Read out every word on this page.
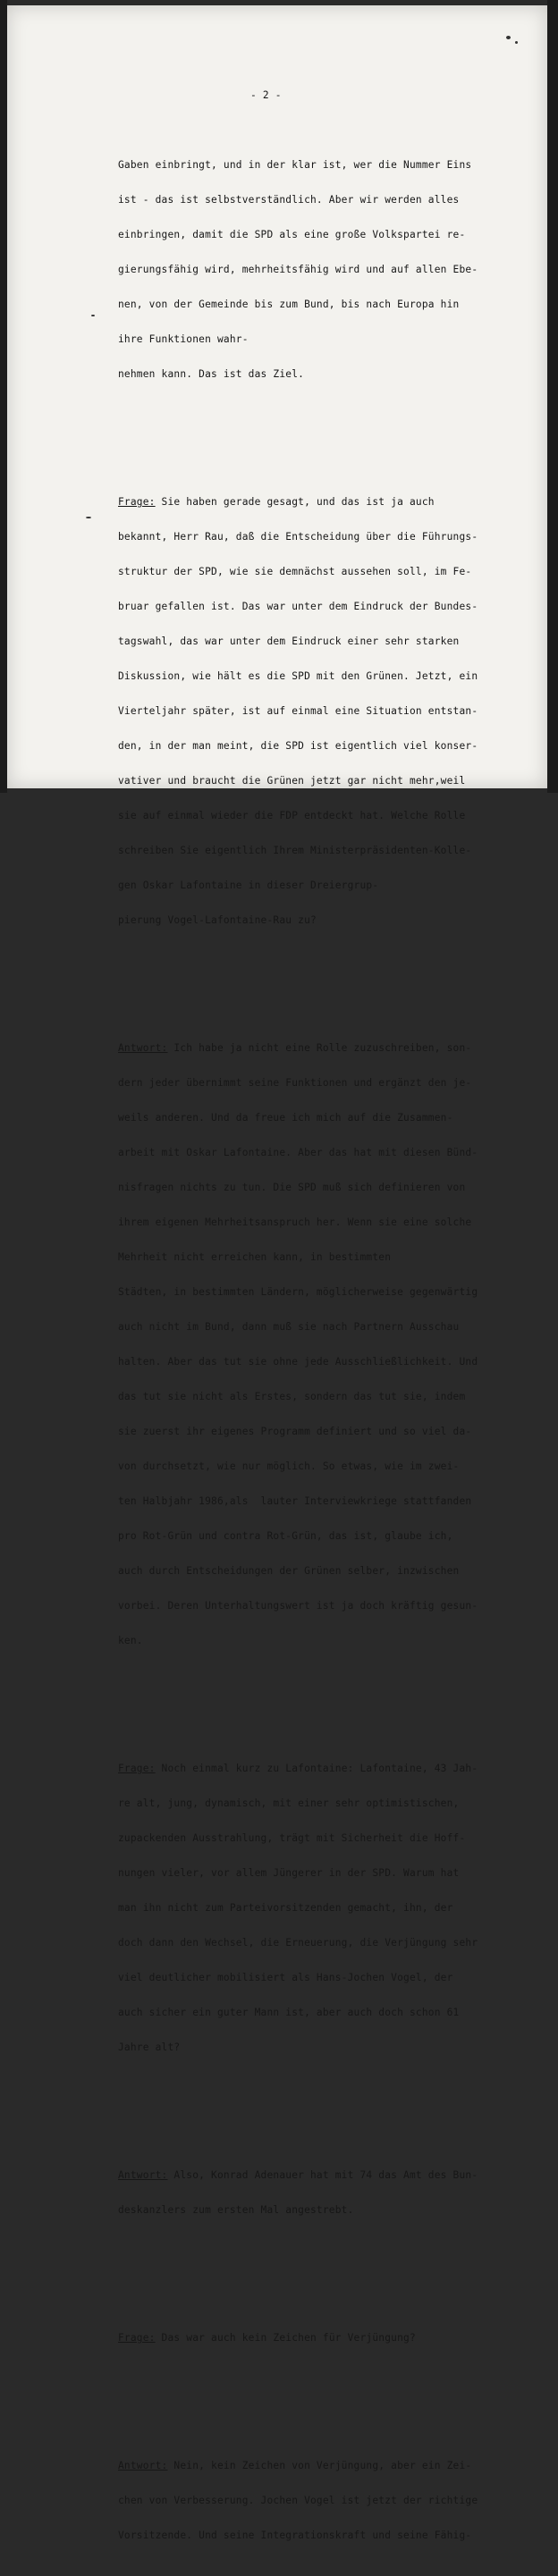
- 2 -

Gaben einbringt, und in der klar ist, wer die Nummer Eins

ist - das ist selbstverständlich. Aber wir werden alles

einbringen, damit die SPD als eine große Volkspartei re-

gierungsfähig wird, mehrheitsfähig wird und auf allen Ebe-

nen, von der Gemeinde bis zum Bund, bis nach Europa hin

ihre Funktionen wahr-

nehmen kann. Das ist das Ziel.

Frage: Sie haben gerade gesagt, und das ist ja auch

bekannt, Herr Rau, daß die Entscheidung über die Führungs-

struktur der SPD, wie sie demnächst aussehen soll, im Fe-

bruar gefallen ist. Das war unter dem Eindruck der Bundes-

tagswahl, das war unter dem Eindruck einer sehr starken

Diskussion, wie hält es die SPD mit den Grünen. Jetzt, ein

Vierteljahr später, ist auf einmal eine Situation entstan-

den, in der man meint, die SPD ist eigentlich viel konser-

vativer und braucht die Grünen jetzt gar nicht mehr,weil

sie auf einmal wieder die FDP entdeckt hat. Welche Rolle

schreiben Sie eigentlich Ihrem Ministerpräsidenten-Kolle-

gen Oskar Lafontaine in dieser Dreiergrup-

pierung Vogel-Lafontaine-Rau zu?

Antwort: Ich habe ja nicht eine Rolle zuzuschreiben, son-

dern jeder übernimmt seine Funktionen und ergänzt den je-

weils anderen. Und da freue ich mich auf die Zusammen-

arbeit mit Oskar Lafontaine. Aber das hat mit diesen Bünd-

nisfragen nichts zu tun. Die SPD muß sich definieren von

ihrem eigenen Mehrheitsanspruch her. Wenn sie eine solche

Mehrheit nicht erreichen kann, in bestimmten

Städten, in bestimmten Ländern, möglicherweise gegenwärtig

auch nicht im Bund, dann muß sie nach Partnern Ausschau

halten. Aber das tut sie ohne jede Ausschließlichkeit. Und

das tut sie nicht als Erstes, sondern das tut sie, indem

sie zuerst ihr eigenes Programm definiert und so viel da-

von durchsetzt, wie nur möglich. So etwas, wie im zwei-

ten Halbjahr 1986,als  lauter Interviewkriege stattfanden

pro Rot-Grün und contra Rot-Grün, das ist, glaube ich,

auch durch Entscheidungen der Grünen selber, inzwischen

vorbei. Deren Unterhaltungswert ist ja doch kräftig gesun-

ken.

Frage: Noch einmal kurz zu Lafontaine: Lafontaine, 43 Jah-

re alt, jung, dynamisch, mit einer sehr optimistischen,

zupackenden Ausstrahlung, trägt mit Sicherheit die Hoff-

nungen vieler, vor allem Jüngerer in der SPD. Warum hat

man ihn nicht zum Parteivorsitzenden gemacht, ihn, der

doch dann den Wechsel, die Erneuerung, die Verjüngung sehr

viel deutlicher mobilisiert als Hans-Jochen Vogel, der

auch sicher ein guter Mann ist, aber auch doch schon 61

Jahre alt?

Antwort: Also, Konrad Adenauer hat mit 74 das Amt des Bun-

deskanzlers zum ersten Mal angestrebt.

Frage: Das war auch kein Zeichen für Verjüngung?

Antwort: Nein, kein Zeichen von Verjüngung, aber ein Zei-

chen von Verbesserung. Jochen Vogel ist jetzt der richtige

Vorsitzende. Und seine Integrationskraft und seine Fähig-
